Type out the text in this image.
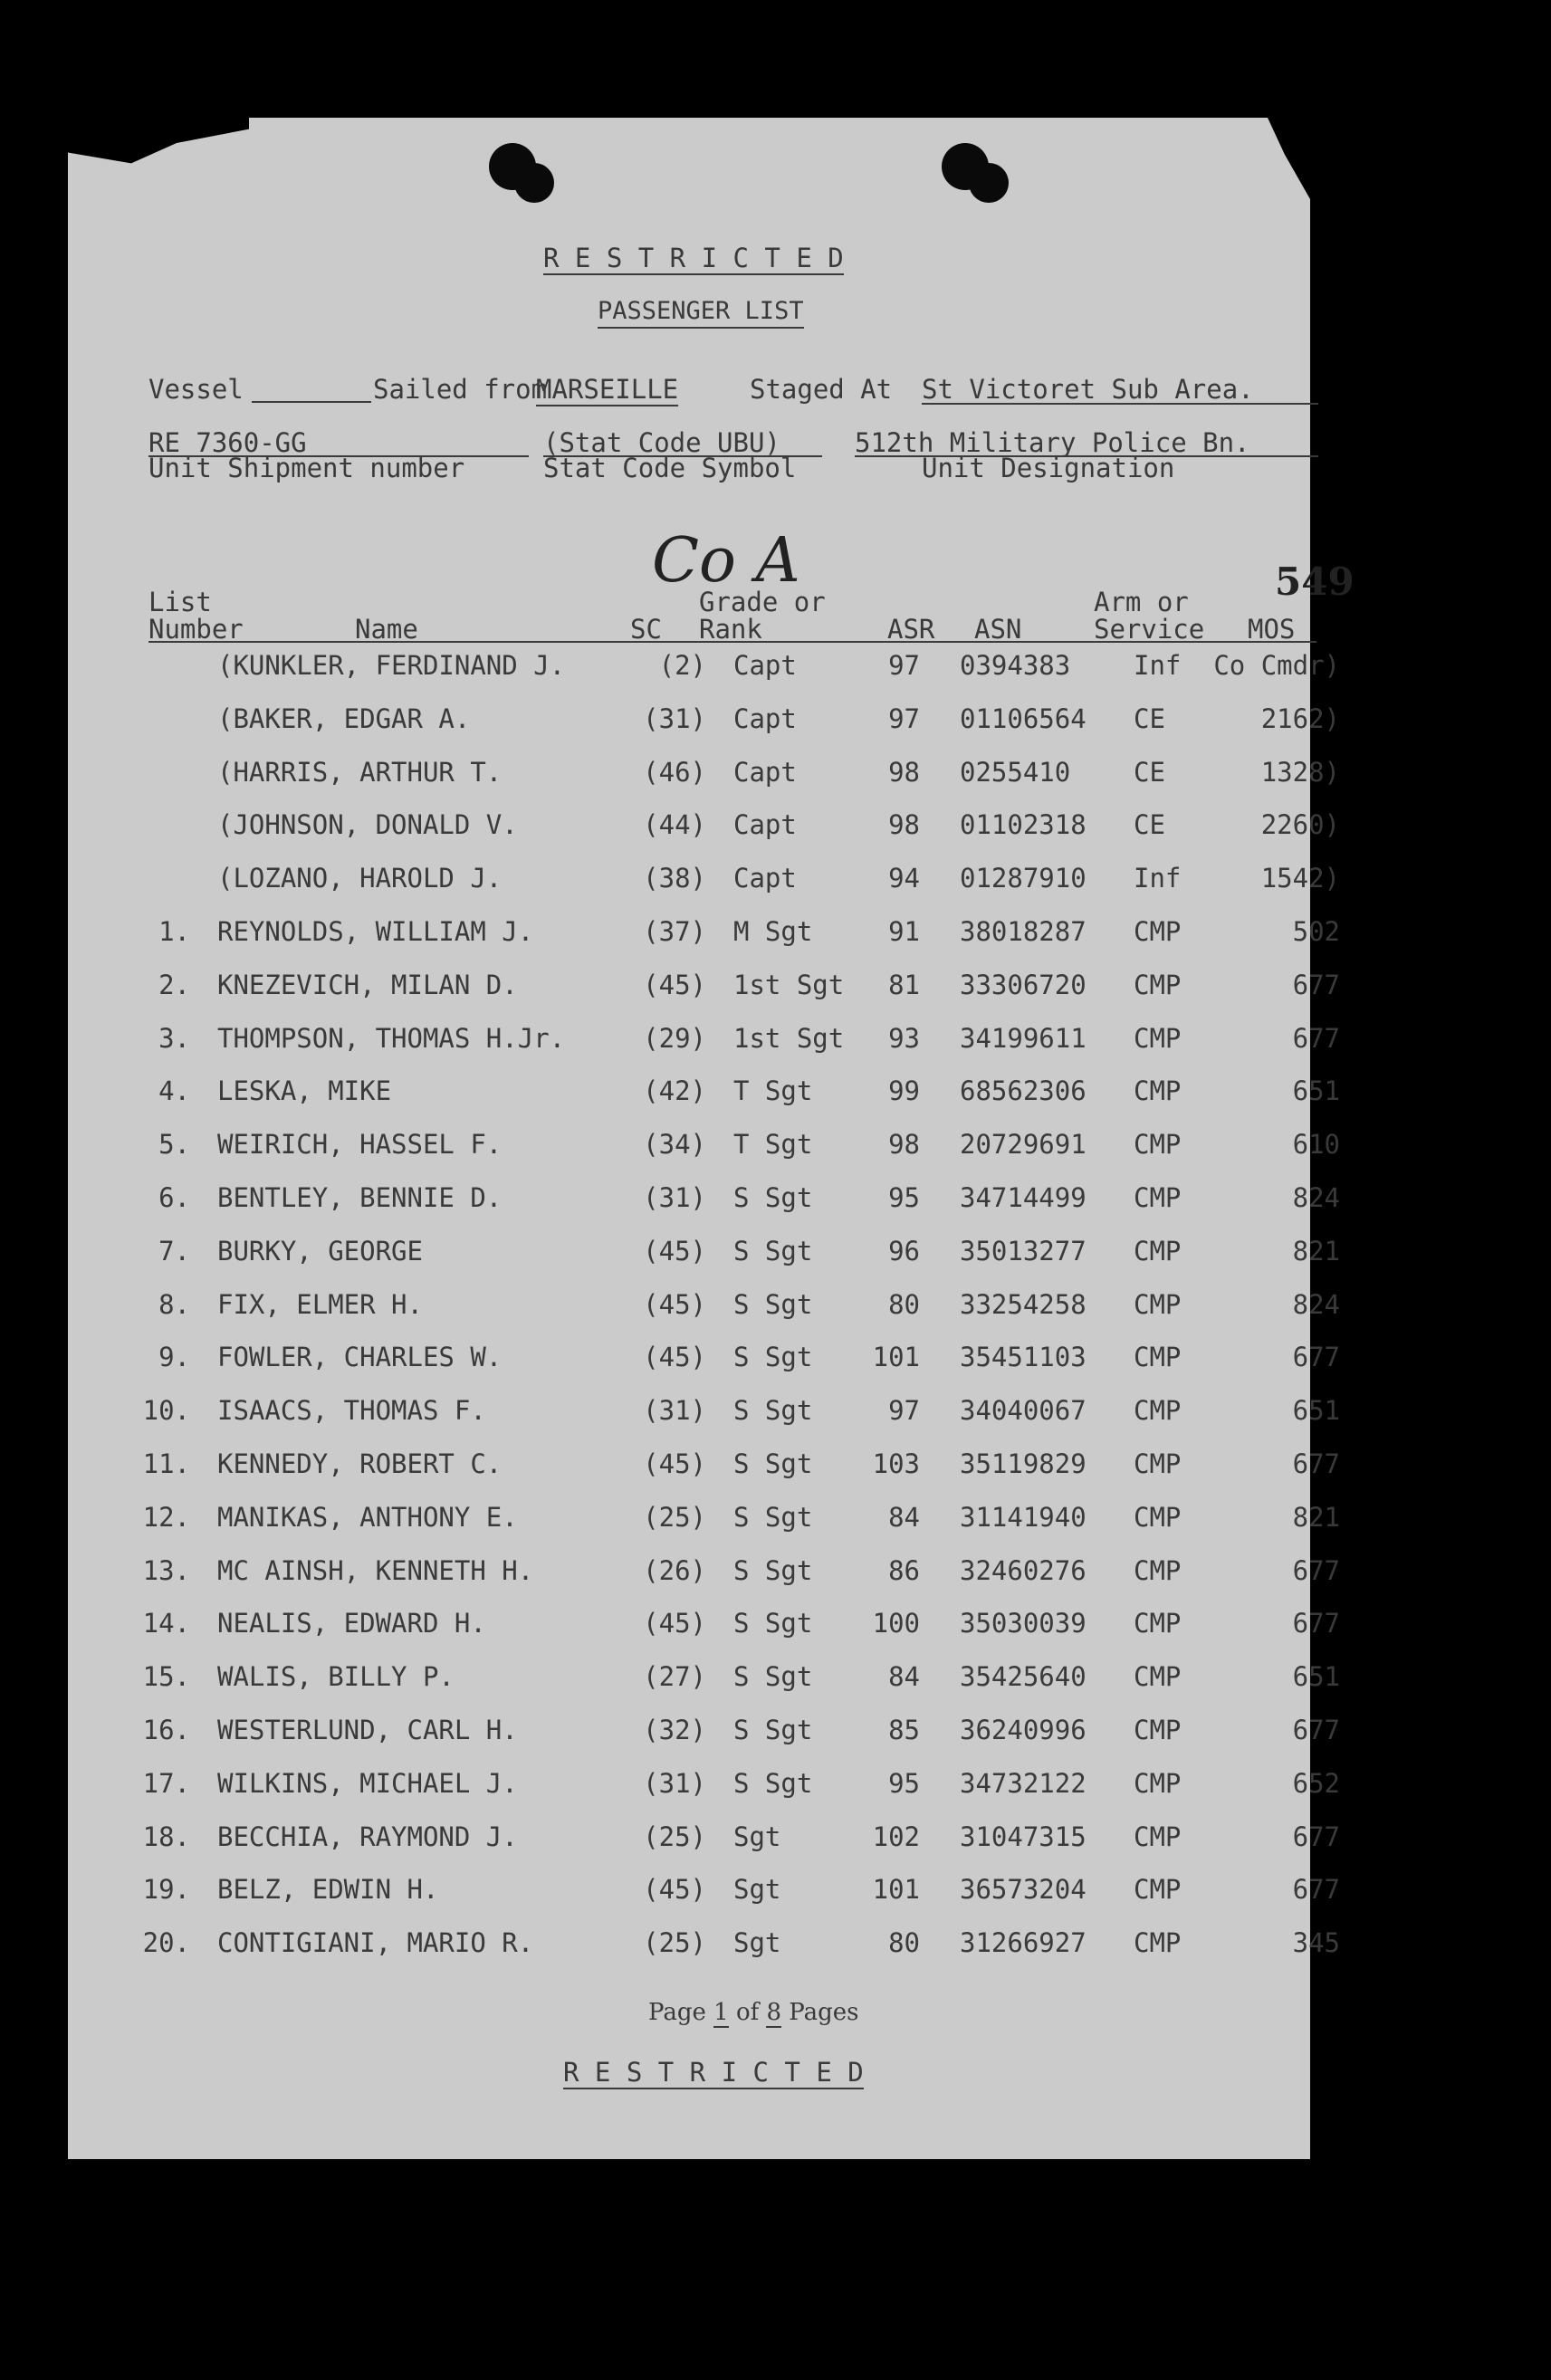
R E S T R I C T E D
PASSENGER LIST
Vessel	Sailed from
MARSEILLE	Staged At St Victoret Sub Area.
RE 7360-GG
Unit Shipment number
(Stat Code UBU)
Stat Code Symbol
512th Military Police Bn.
Unit Designation
Co A	549
List
Number	Name	SC
Grade or
Rank	ASR ASN
Arm or
Service MOS
(KUNKLER, FERDINAND J.	(2) Capt	97 0394383 Inf Co Cmdr)
(BAKER, EDGAR A.	(31) Capt	97 01106564 CE	2162)
(HARRIS, ARTHUR T.	(46) Capt	98 0255410 CE	1328)
(JOHNSON, DONALD V.	(44) Capt	98 01102318 CE	2260)
(LOZANO, HAROLD J.	(38) Capt	94 01287910 Inf	1542)
1. REYNOLDS, WILLIAM J.	(37) M Sgt	91 38018287 CMP	502
2. KNEZEVICH, MILAN D.	(45) 1st Sgt 81 33306720 CMP	677
3. THOMPSON, THOMAS H.Jr.	(29) 1st Sgt 93 34199611 CMP	677
4. LESKA, MIKE	(42) T Sgt	99 68562306 CMP	651
5. WEIRICH, HASSEL F.	(34) T Sgt	98 20729691 CMP	610
6. BENTLEY, BENNIE D.	(31) S Sgt	95 34714499 CMP	824
7. BURKY, GEORGE	(45) S Sgt	96 35013277 CMP	821
8. FIX, ELMER H.	(45) S Sgt	80 33254258 CMP	824
9. FOWLER, CHARLES W.	(45) S Sgt 101 35451103 CMP	677
10. ISAACS, THOMAS F.	(31) S Sgt	97 34040067 CMP	651
11. KENNEDY, ROBERT C.	(45) S Sgt 103 35119829 CMP	677
12. MANIKAS, ANTHONY E.	(25) S Sgt	84 31141940 CMP	821
13. MC AINSH, KENNETH H.	(26) S Sgt	86 32460276 CMP	677
14. NEALIS, EDWARD H.	(45) S Sgt 100 35030039 CMP	677
15. WALIS, BILLY P.	(27) S Sgt	84 35425640 CMP	651
16. WESTERLUND, CARL H.	(32) S Sgt	85 36240996 CMP	677
17. WILKINS, MICHAEL J.	(31) S Sgt	95 34732122 CMP	652
18. BECCHIA, RAYMOND J.	(25) Sgt	102 31047315 CMP	677
19. BELZ, EDWIN H.	(45) Sgt	101 36573204 CMP	677
20. CONTIGIANI, MARIO R.	(25) Sgt	80 31266927 CMP	345
Page 1 of 8 Pages
R E S T R I C T E D
